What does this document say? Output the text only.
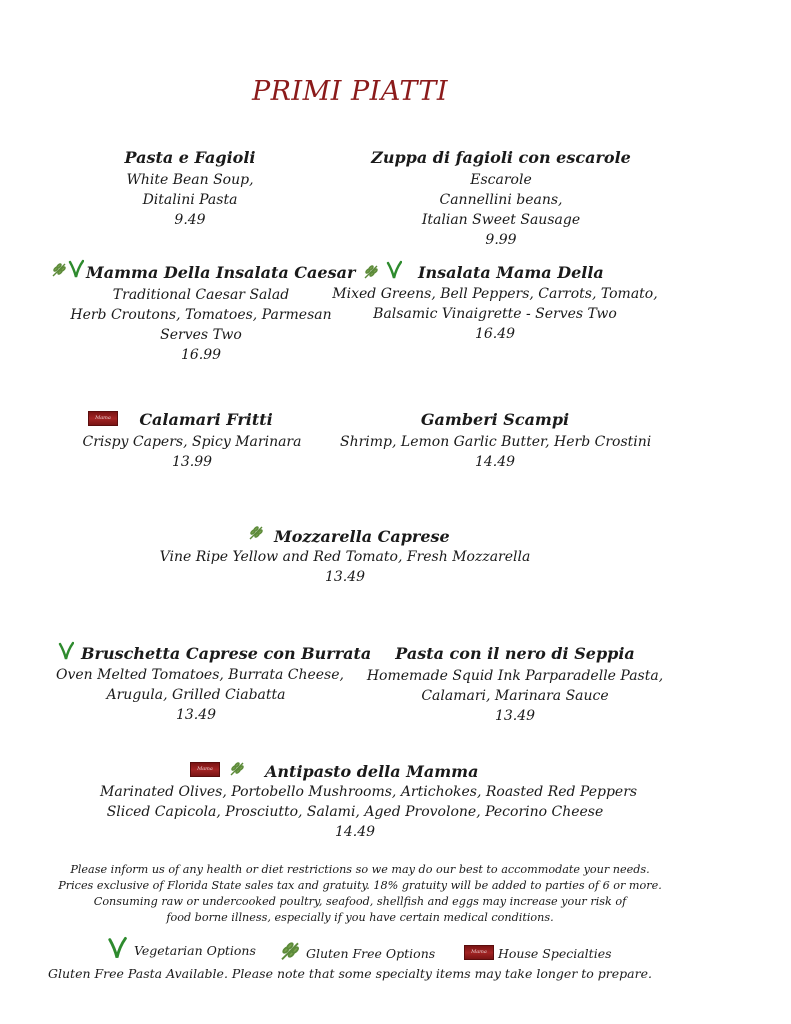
PRIMI PIATTI
Pasta e Fagioli
White Bean Soup,
Ditalini Pasta
9.49
Zuppa di fagioli con escarole
Escarole
Cannellini beans,
Italian Sweet Sausage
9.99
Mamma Della Insalata Caesar
Traditional Caesar Salad
Herb Croutons, Tomatoes, Parmesan
Serves Two
16.99
Insalata Mama Della
Mixed Greens, Bell Peppers, Carrots, Tomato,
Balsamic Vinaigrette - Serves Two
16.49
Mama	Calamari Fritti
Crispy Capers, Spicy Marinara
13.99
Gamberi Scampi
Shrimp, Lemon Garlic Butter, Herb Crostini
14.49
Mozzarella Caprese
Vine Ripe Yellow and Red Tomato, Fresh Mozzarella
13.49
Bruschetta Caprese con Burrata
Oven Melted Tomatoes, Burrata Cheese,
Arugula, Grilled Ciabatta
13.49
Pasta con il nero di Seppia
Homemade Squid Ink Parparadelle Pasta,
Calamari, Marinara Sauce
13.49
Mama	Antipasto della Mamma
Marinated Olives, Portobello Mushrooms, Artichokes, Roasted Red Peppers
Sliced Capicola, Prosciutto, Salami, Aged Provolone, Pecorino Cheese
14.49
Please inform us of any health or diet restrictions so we may do our best to accommodate your needs.
Prices exclusive of Florida State sales tax and gratuity. 18% gratuity will be added to parties of 6 or more.
Consuming raw or undercooked poultry, seafood, shellfish and eggs may increase your risk of
food borne illness, especially if you have certain medical conditions.
Vegetarian Options	Gluten Free Options	Mama House Specialties
Gluten Free Pasta Available. Please note that some specialty items may take longer to prepare.
